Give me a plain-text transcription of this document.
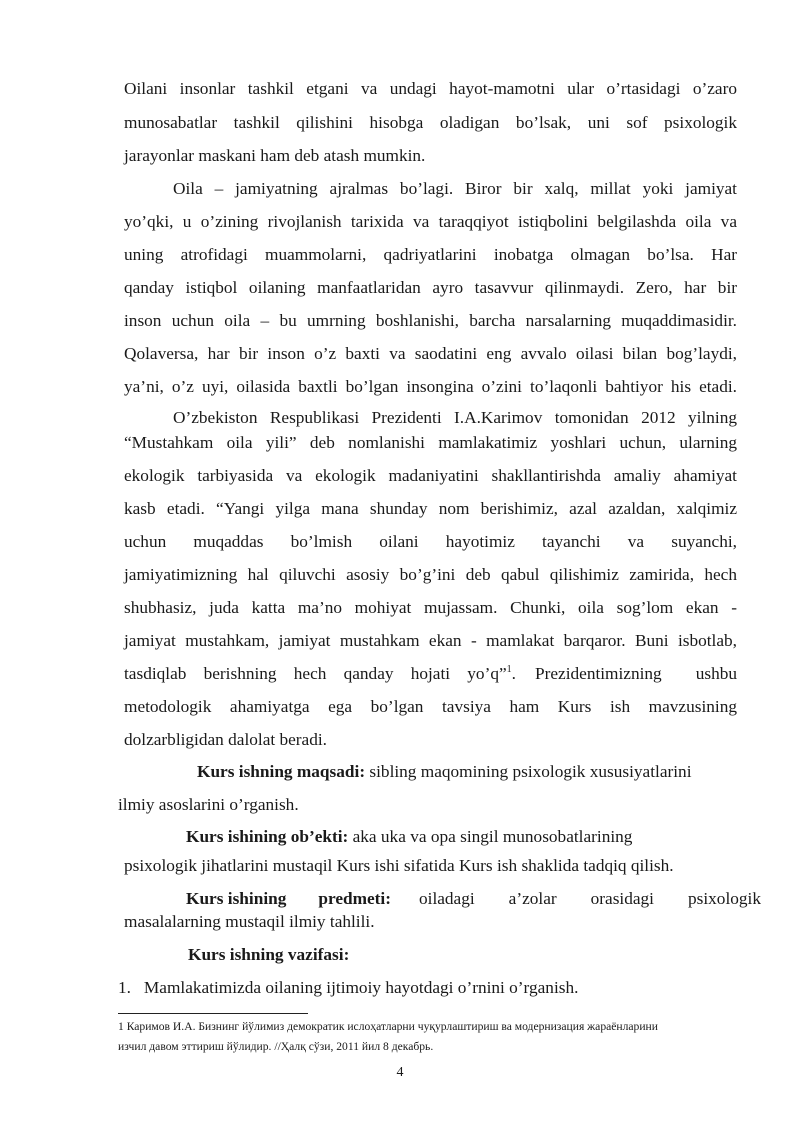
Oilani insonlar tashkil etgani va undagi hayot-mamotni ular o’rtasidagi o’zaro
munosabatlar tashkil qilishini hisobga oladigan bo’lsak, uni sof psixologik
jarayonlar maskani ham deb atash mumkin.
Oila – jamiyatning ajralmas bo’lagi. Biror bir xalq, millat yoki jamiyat
yo’qki, u o’zining rivojlanish tarixida va taraqqiyot istiqbolini belgilashda oila va
uning atrofidagi muammolarni, qadriyatlarini inobatga olmagan bo’lsa. Har
qanday istiqbol oilaning manfaatlaridan ayro tasavvur qilinmaydi. Zero, har bir
inson uchun oila – bu umrning boshlanishi, barcha narsalarning muqaddimasidir.
Qolaversa, har bir inson o’z baxti va saodatini eng avvalo oilasi bilan bog’laydi,
ya’ni, o’z uyi, oilasida baxtli bo’lgan insongina o’zini to’laqonli bahtiyor his etadi.
O’zbekiston Respublikasi Prezidenti I.A.Karimov tomonidan 2012 yilning
“Mustahkam oila yili” deb nomlanishi mamlakatimiz yoshlari uchun, ularning
ekologik tarbiyasida va ekologik madaniyatini shakllantirishda amaliy ahamiyat
kasb etadi. “Yangi yilga mana shunday nom berishimiz, azal azaldan, xalqimiz
uchun muqaddas bo’lmish oilani hayotimiz tayanchi va suyanchi,
jamiyatimizning hal qiluvchi asosiy bo’g’ini deb qabul qilishimiz zamirida, hech
shubhasiz, juda katta ma’no mohiyat mujassam. Chunki, oila sog’lom ekan -
jamiyat mustahkam, jamiyat mustahkam ekan - mamlakat barqaror. Buni isbotlab,
tasdiqlab berishning hech qanday hojati yo’q”$^1$. Prezidentimizning ushbu
metodologik ahamiyatga ega bo’lgan tavsiya ham Kurs ish mavzusining
dolzarbligidan dalolat beradi.
Kurs ishning maqsadi: sibling maqomining psixologik xususiyatlarini
ilmiy asoslarini o’rganish.
Kurs ishining ob’ekti: aka uka va opa singil munosobatlarining
psixologik jihatlarini mustaqil Kurs ishi sifatida Kurs ish shaklida tadqiq qilish.
Kurs ishining predmeti: oiladagi a’zolar orasidagi psixologik
masalalarning mustaqil ilmiy tahlili.
Kurs ishning vazifasi:
1.   Mamlakatimizda oilaning ijtimoiy hayotdagi o’rnini o’rganish.
1 Каримов И.А. Бизнинг йўлимиз демократик ислоҳатларни чуқурлаштириш ва модернизация жараёнларини
изчил давом эттириш йўлидир. //Ҳалқ сўзи, 2011 йил 8 декабрь.
4
